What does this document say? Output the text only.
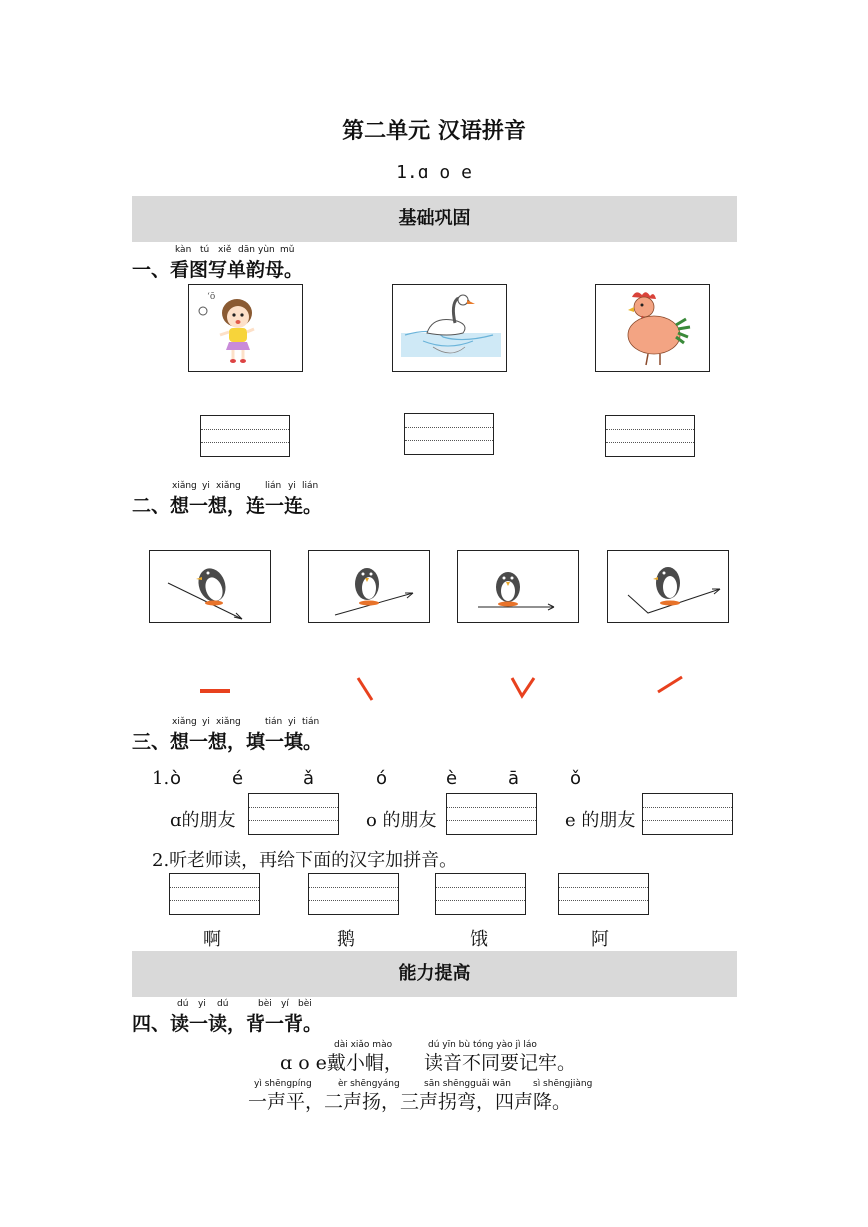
第二单元 汉语拼音
1.ɑ o e
基础巩固
kàn tú xiě dān yùn mǔ
一、看图写单韵母。
ʻō
xiǎng yi xiǎng	lián yi lián
二、想一想，连一连。
xiǎng yi xiǎng	tián yi tián
三、想一想，填一填。
1. ò	é	ǎ	ó	è	ā	ǒ
ɑ的朋友	o 的朋友	e 的朋友
2.听老师读，再给下面的汉字加拼音。
啊	鹅	饿	阿
能力提高
dú yi dú	bèi yí bèi
四、读一读，背一背。
dài xiǎo mào	dú yīn bù tóng yào jì láo
ɑ o e戴小帽， 读音不同要记牢。
yì shēngpíng	èr shēngyáng	sān shēngguǎi wān sì shēngjiàng
一声平，二声扬，三声拐弯，四声降。
